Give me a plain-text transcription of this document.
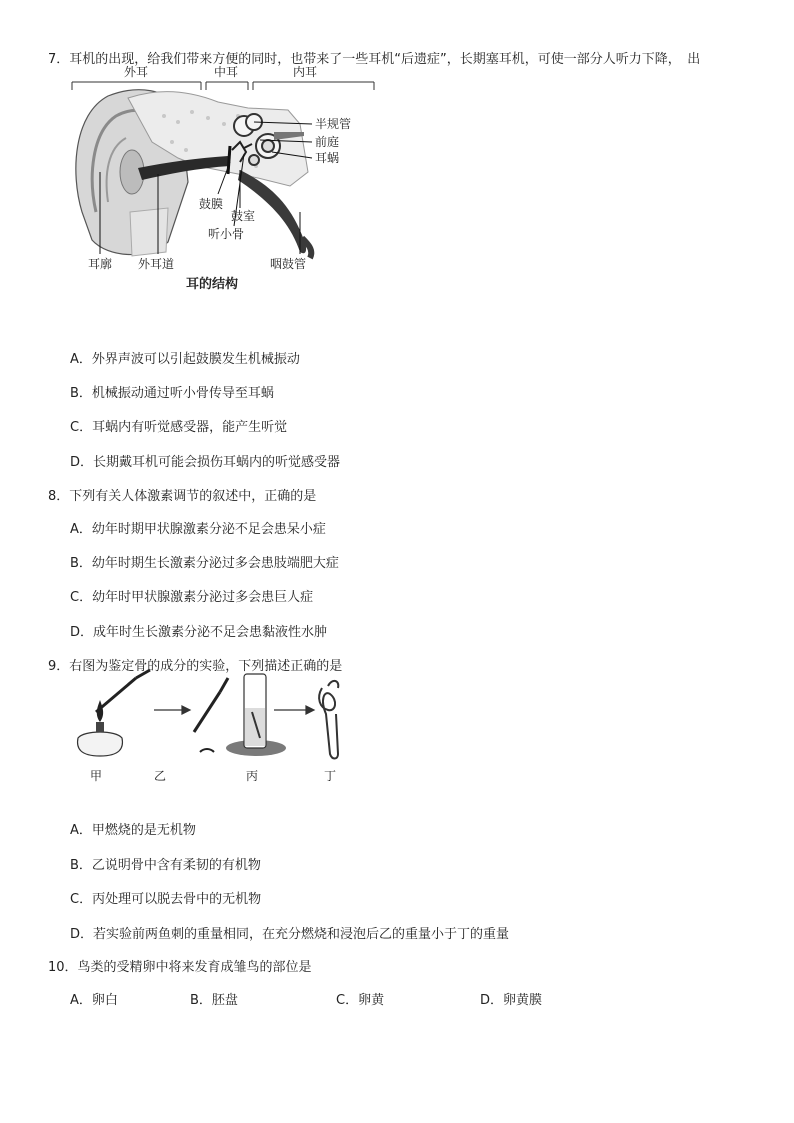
7．耳机的出现，给我们带来方便的同时，也带来了一些耳机“后遗症”，长期塞耳机，可使一部分人听力下降，　出
外耳	中耳	内耳
半规管
前庭
耳蜗
鼓膜
鼓室
听小骨
耳廓 外耳道	咽鼓管
耳的结构
A．外界声波可以引起鼓膜发生机械振动
B．机械振动通过听小骨传导至耳蜗
C．耳蜗内有听觉感受器，能产生听觉
D．长期戴耳机可能会损伤耳蜗内的听觉感受器
8．下列有关人体激素调节的叙述中，正确的是
A．幼年时期甲状腺激素分泌不足会患呆小症
B．幼年时期生长激素分泌过多会患肢端肥大症
C．幼年时甲状腺激素分泌过多会患巨人症
D．成年时生长激素分泌不足会患黏液性水肿
9．右图为鉴定骨的成分的实验，下列描述正确的是
甲	乙	丙	丁
A．甲燃烧的是无机物
B．乙说明骨中含有柔韧的有机物
C．丙处理可以脱去骨中的无机物
D．若实验前两鱼刺的重量相同，在充分燃烧和浸泡后乙的重量小于丁的重量
10．鸟类的受精卵中将来发育成雏鸟的部位是
A．卵白	B．胚盘	C．卵黄	D．卵黄膜
